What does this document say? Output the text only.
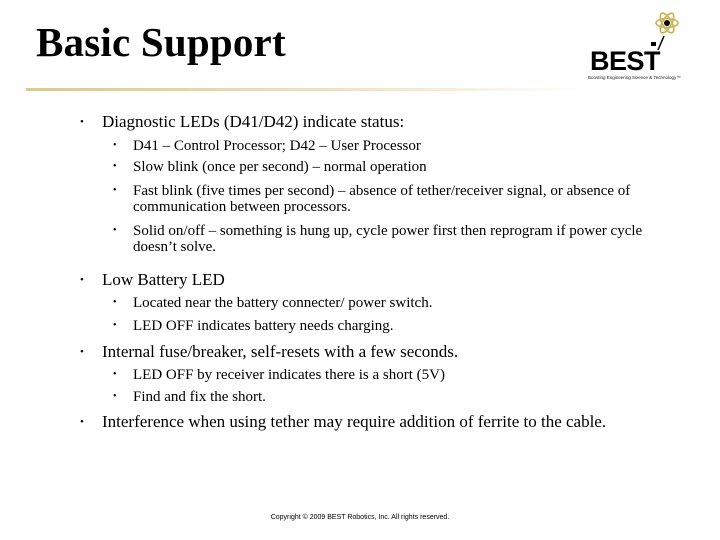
Basic Support	BEST
Boosting Engineering Science & Technology™
• Diagnostic LEDs (D41/D42) indicate status:
• D41 – Control Processor; D42 – User Processor
• Slow blink (once per second) – normal operation
• Fast blink (five times per second) – absence of tether/receiver signal, or absence of communication between processors.
• Solid on/off – something is hung up, cycle power first then reprogram if power cycle doesn’t solve.
• Low Battery LED
• Located near the battery connecter/ power switch.
• LED OFF indicates battery needs charging.
• Internal fuse/breaker, self-resets with a few seconds.
• LED OFF by receiver indicates there is a short (5V)
• Find and fix the short.
• Interference when using tether may require addition of ferrite to the cable.
Copyright © 2009 BEST Robotics, Inc. All rights reserved.
